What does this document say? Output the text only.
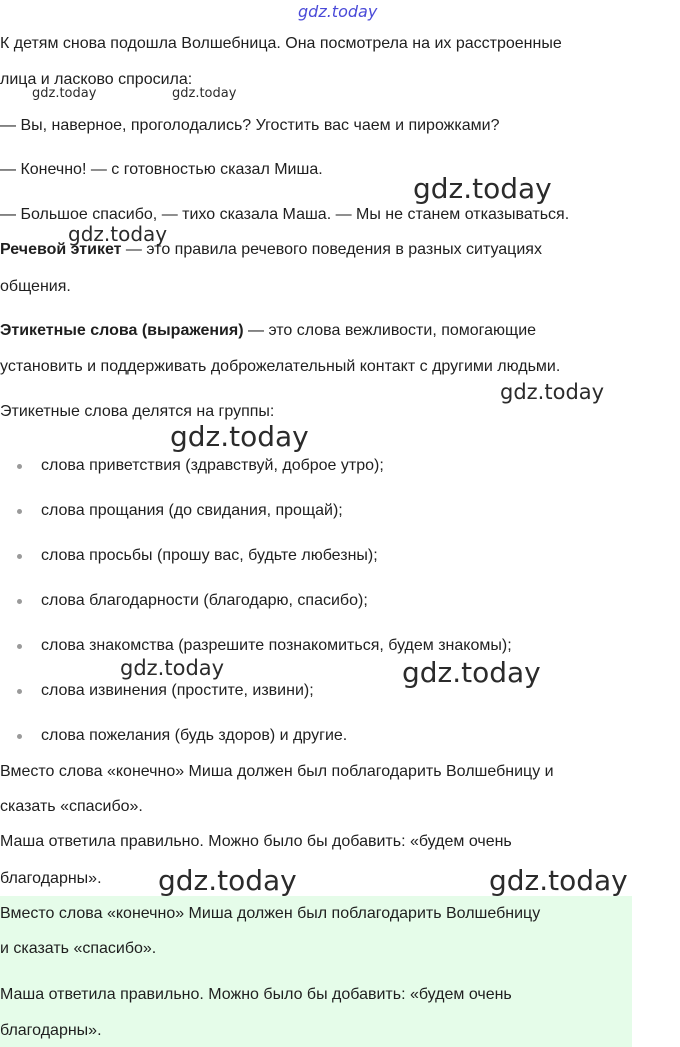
gdz.today
К детям снова подошла Волшебница. Она посмотрела на их расстроенные
лица и ласково спросила:
gdz.today	gdz.today
— Вы, наверное, проголодались? Угостить вас чаем и пирожками?
— Конечно! — с готовностью сказал Миша.
gdz.today
— Большое спасибо, — тихо сказала Маша. — Мы не станем отказываться.
gdz.today
Речевой этикет — это правила речевого поведения в разных ситуациях
общения.
Этикетные слова (выражения) — это слова вежливости, помогающие
установить и поддерживать доброжелательный контакт с другими людьми.
gdz.today
Этикетные слова делятся на группы:
gdz.today
слова приветствия (здравствуй, доброе утро);
слова прощания (до свидания, прощай);
слова просьбы (прошу вас, будьте любезны);
слова благодарности (благодарю, спасибо);
слова знакомства (разрешите познакомиться, будем знакомы);
слова извинения (простите, извини);
слова пожелания (будь здоров) и другие.
gdz.today	gdz.today
Вместо слова «конечно» Миша должен был поблагодарить Волшебницу и
сказать «спасибо».
Маша ответила правильно. Можно было бы добавить: «будем очень
благодарны». gdz.today	gdz.today
Вместо слова «конечно» Миша должен был поблагодарить Волшебницу
и сказать «спасибо».
Маша ответила правильно. Можно было бы добавить: «будем очень
благодарны».
